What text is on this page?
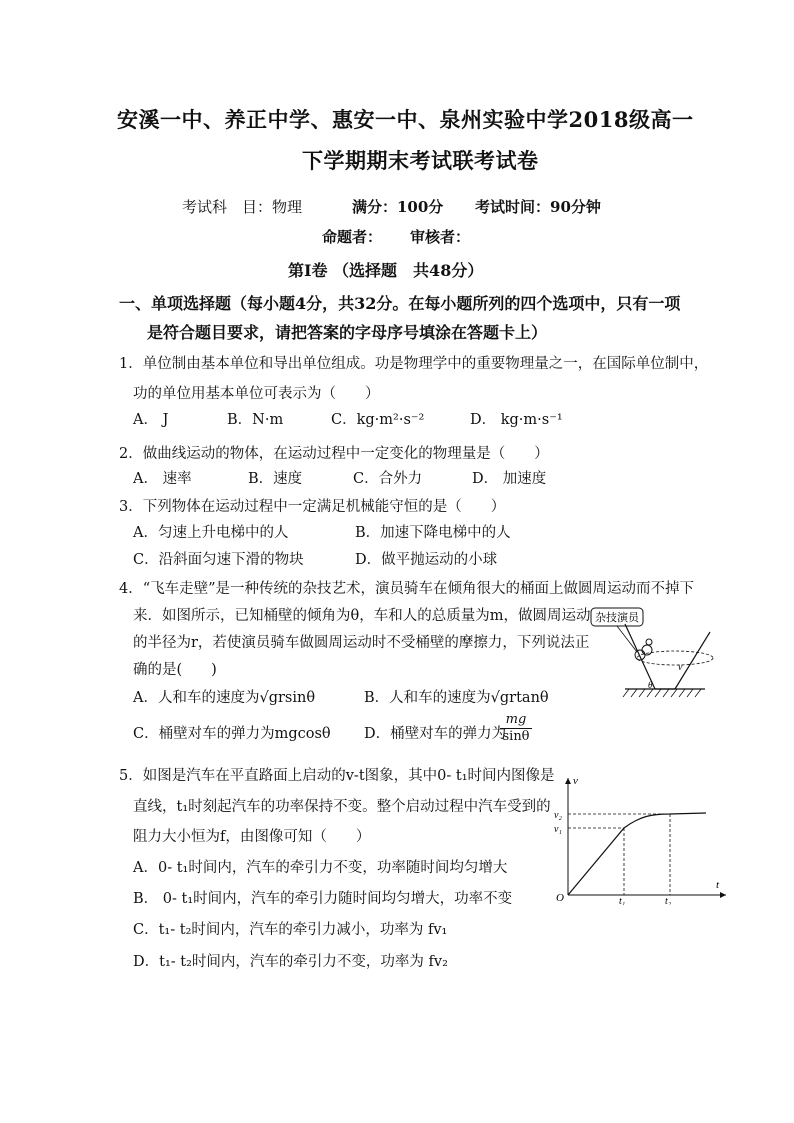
安溪一中、养正中学、惠安一中、泉州实验中学2018级高一
下学期期末考试联考试卷
考试科　目：物理	满分：100分 考试时间：90分钟
命题者： 审核者：
第I卷 （选择题　共48分）
一、单项选择题（每小题4分，共32分。在每小题所列的四个选项中，只有一项
是符合题目要求，请把答案的字母序号填涂在答题卡上）
1．单位制由基本单位和导出单位组成。功是物理学中的重要物理量之一，在国际单位制中，
功的单位用基本单位可表示为（　　）
A． J	B．N·m	C．kg·m²·s⁻²	D． kg·m·s⁻¹
2．做曲线运动的物体，在运动过程中一定变化的物理量是（　　）
A． 速率	B．速度	C．合外力	D． 加速度
3．下列物体在运动过程中一定满足机械能守恒的是（　　）
A．匀速上升电梯中的人	B．加速下降电梯中的人
C．沿斜面匀速下滑的物块	D．做平抛运动的小球
4．“飞车走壁”是一种传统的杂技艺术，演员骑车在倾角很大的桶面上做圆周运动而不掉下
来．如图所示，已知桶壁的倾角为θ，车和人的总质量为m，做圆周运动
的半径为r，若使演员骑车做圆周运动时不受桶壁的摩擦力，下列说法正
确的是(　　)
A．人和车的速度为√grsinθ	B．人和车的速度为√grtanθ
C．桶壁对车的弹力为mgcosθ D．桶壁对车的弹力为
$\frac{mg}{\sin\theta}$
杂技演员
v
θ
5．如图是汽车在平直路面上启动的v-t图象，其中0- t₁时间内图像是
直线，t₁时刻起汽车的功率保持不变。整个启动过程中汽车受到的
阻力大小恒为f，由图像可知（　　）
A．0- t₁时间内，汽车的牵引力不变，功率随时间均匀增大
B． 0- t₁时间内，汽车的牵引力随时间均匀增大，功率不变
C．t₁- t₂时间内，汽车的牵引力减小，功率为 fv₁
D．t₁- t₂时间内，汽车的牵引力不变，功率为 fv₂
v
t
O
v₂
v₁
t₁	t₂
